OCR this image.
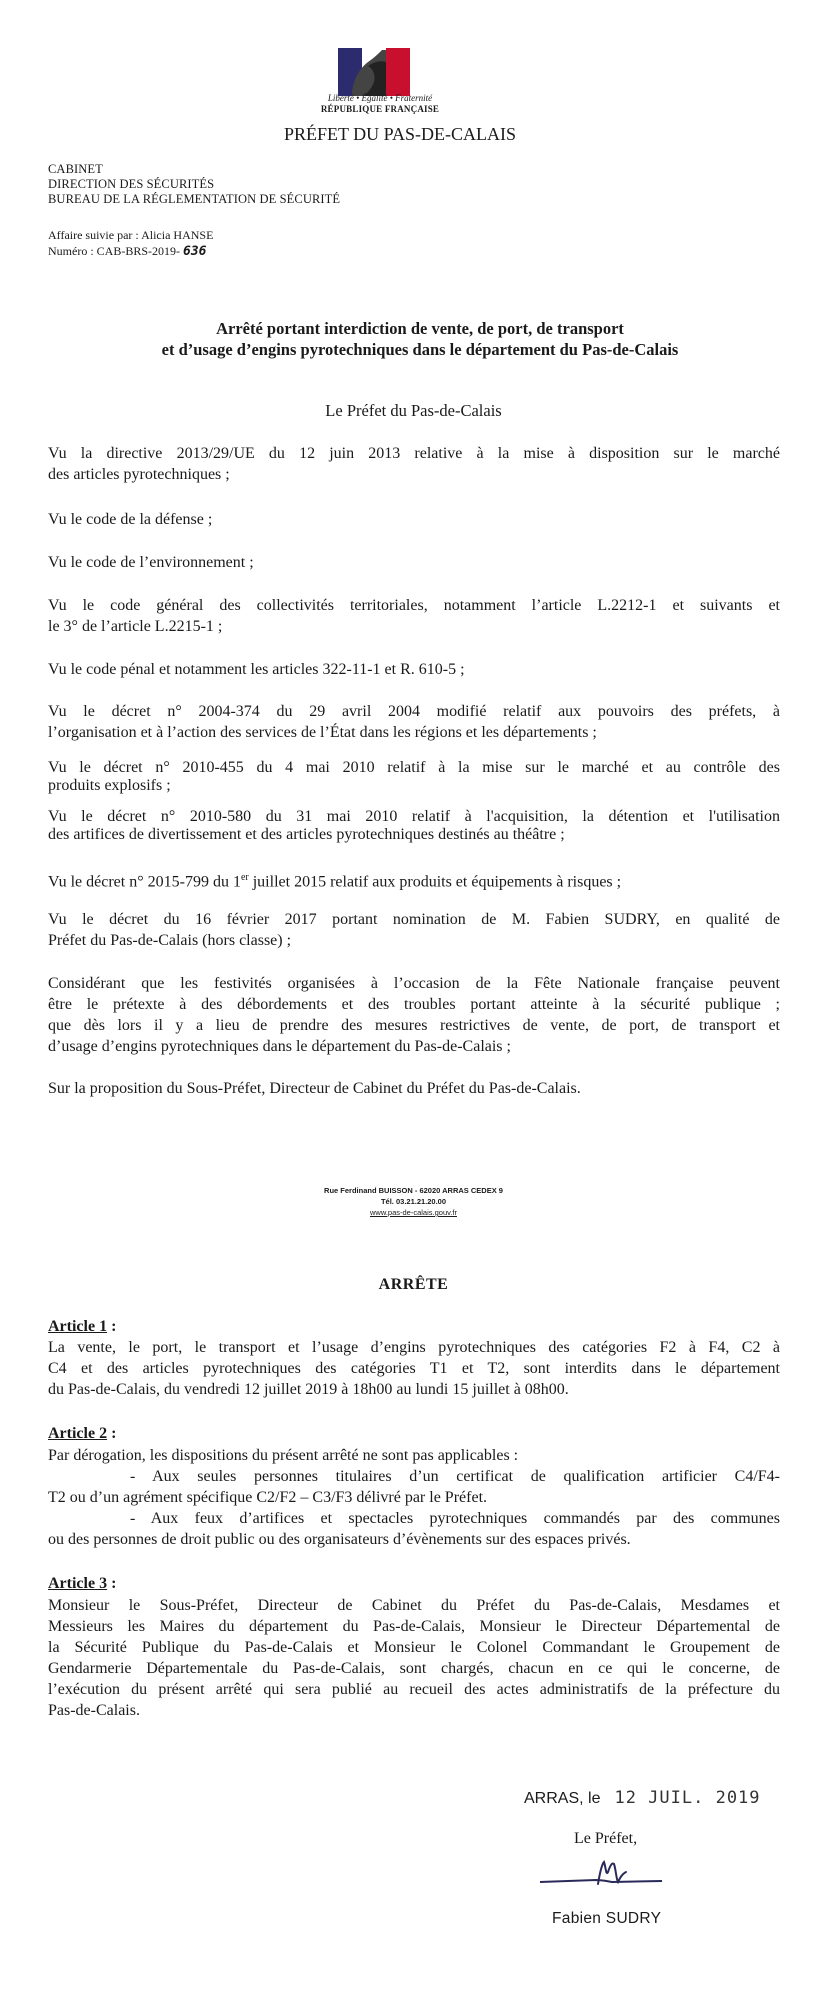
Liberté • Égalité • Fraternité
RÉPUBLIQUE FRANÇAISE
PRÉFET DU PAS-DE-CALAIS
CABINET
DIRECTION DES SÉCURITÉS
BUREAU DE LA RÉGLEMENTATION DE SÉCURITÉ
Affaire suivie par : Alicia HANSE
Numéro : CAB-BRS-2019- 636
Arrêté portant interdiction de vente, de port, de transport
et d’usage d’engins pyrotechniques dans le département du Pas-de-Calais
Le Préfet du Pas-de-Calais
Vu la directive 2013/29/UE du 12 juin 2013 relative à la mise à disposition sur le marché
des articles pyrotechniques ;
Vu le code de la défense ;
Vu le code de l’environnement ;
Vu le code général des collectivités territoriales, notamment l’article L.2212-1 et suivants et
le 3° de l’article L.2215-1 ;
Vu le code pénal et notamment les articles 322-11-1 et R. 610-5 ;
Vu le décret n° 2004-374 du 29 avril 2004 modifié relatif aux pouvoirs des préfets, à
l’organisation et à l’action des services de l’État dans les régions et les départements ;
Vu le décret n° 2010-455 du 4 mai 2010 relatif à la mise sur le marché et au contrôle des
produits explosifs ;
Vu le décret n° 2010-580 du 31 mai 2010 relatif à l'acquisition, la détention et l'utilisation
des artifices de divertissement et des articles pyrotechniques destinés au théâtre ;
Vu le décret n° 2015-799 du 1er juillet 2015 relatif aux produits et équipements à risques ;
Vu le décret du 16 février 2017 portant nomination de M. Fabien SUDRY, en qualité de
Préfet du Pas-de-Calais (hors classe) ;
Considérant que les festivités organisées à l’occasion de la Fête Nationale française peuvent
être le prétexte à des débordements et des troubles portant atteinte à la sécurité publique ;
que dès lors il y a lieu de prendre des mesures restrictives de vente, de port, de transport et
d’usage d’engins pyrotechniques dans le département du Pas-de-Calais ;
Sur la proposition du Sous-Préfet, Directeur de Cabinet du Préfet du Pas-de-Calais.
Rue Ferdinand BUISSON - 62020 ARRAS CEDEX 9
Tél. 03.21.21.20.00
www.pas-de-calais.gouv.fr
ARRÊTE
Article 1 :
La vente, le port, le transport et l’usage d’engins pyrotechniques des catégories F2 à F4, C2 à
C4 et des articles pyrotechniques des catégories T1 et T2, sont interdits dans le département
du Pas-de-Calais, du vendredi 12 juillet 2019 à 18h00 au lundi 15 juillet à 08h00.
Article 2 :
Par dérogation, les dispositions du présent arrêté ne sont pas applicables :
- Aux seules personnes titulaires d’un certificat de qualification artificier C4/F4-
T2 ou d’un agrément spécifique C2/F2 – C3/F3 délivré par le Préfet.
- Aux feux d’artifices et spectacles pyrotechniques commandés par des communes
ou des personnes de droit public ou des organisateurs d’évènements sur des espaces privés.
Article 3 :
Monsieur le Sous-Préfet, Directeur de Cabinet du Préfet du Pas-de-Calais, Mesdames et
Messieurs les Maires du département du Pas-de-Calais, Monsieur le Directeur Départemental de
la Sécurité Publique du Pas-de-Calais et Monsieur le Colonel Commandant le Groupement de
Gendarmerie Départementale du Pas-de-Calais, sont chargés, chacun en ce qui le concerne, de
l’exécution du présent arrêté qui sera publié au recueil des actes administratifs de la préfecture du
Pas-de-Calais.
ARRAS, le 12 JUIL. 2019
Le Préfet,
Fabien SUDRY
